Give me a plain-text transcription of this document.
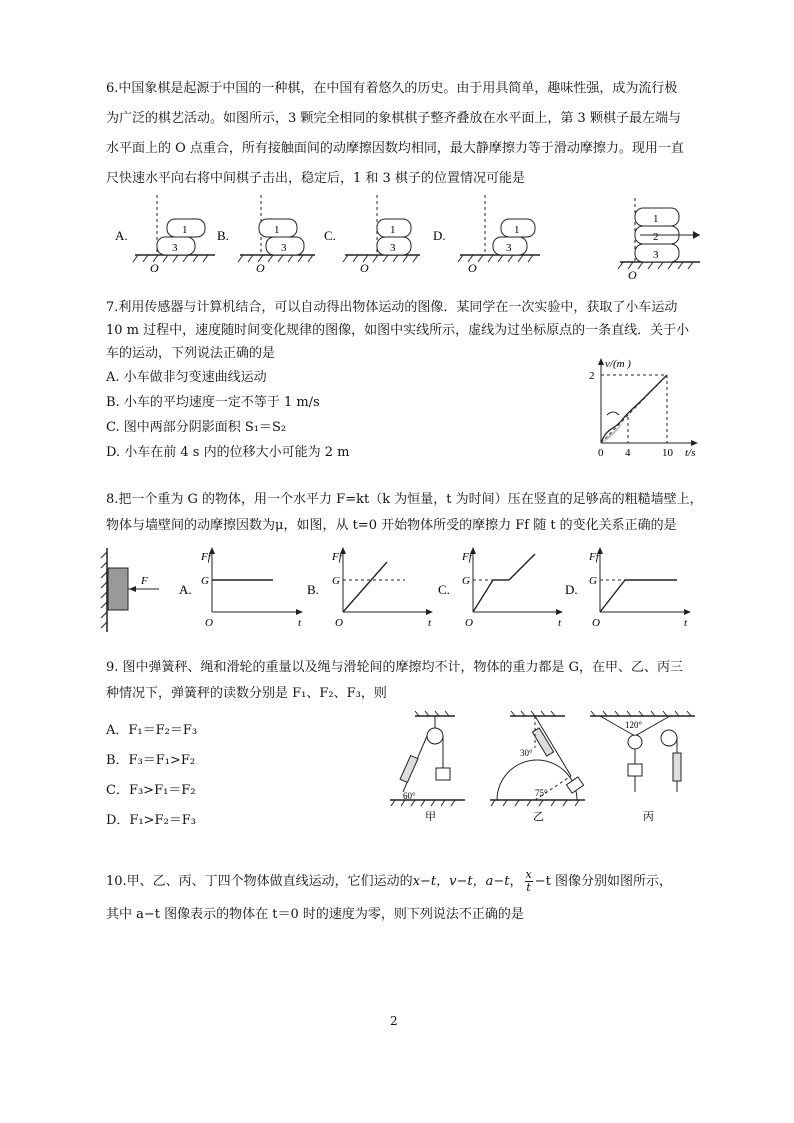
6.中国象棋是起源于中国的一种棋，在中国有着悠久的历史。由于用具简单，趣味性强，成为流行极
为广泛的棋艺活动。如图所示，3 颗完全相同的象棋棋子整齐叠放在水平面上，第 3 颗棋子最左端与
水平面上的 O 点重合，所有接触面间的动摩擦因数均相同，最大静摩擦力等于滑动摩擦力。现用一直
尺快速水平向右将中间棋子击出，稳定后，1 和 3 棋子的位置情况可能是
A.
3
1
O
B.
3
1
O
C.
3
1
O
D.
3
1
O
3
2
1
O
7.利用传感器与计算机结合，可以自动得出物体运动的图像．某同学在一次实验中，获取了小车运动
10 m 过程中，速度随时间变化规律的图像，如图中实线所示，虚线为过坐标原点的一条直线．关于小
车的运动，下列说法正确的是
A. 小车做非匀变速曲线运动
B. 小车的平均速度一定不等于 1 m/s
C. 图中两部分阴影面积 S₁＝S₂
D. 小车在前 4 s 内的位移大小可能为 2 m
v/(m )
2
0 4	10 t/s
8.把一个重为 G 的物体，用一个水平力 F=kt（k 为恒量，t 为时间）压在竖直的足够高的粗糙墙壁上，
物体与墙壁间的动摩擦因数为μ，如图，从 t=0 开始物体所受的摩擦力 Ff 随 t 的变化关系正确的是
F
A.
Ff
G
O	t
B.
Ff
G
O	t
C.
Ff
G
O	t
D.
Ff
G
O	t
9. 图中弹簧秤、绳和滑轮的重量以及绳与滑轮间的摩擦均不计，物体的重力都是 G，在甲、乙、丙三
种情况下，弹簧秤的读数分别是 F₁、F₂、F₃，则
A．F₁＝F₂＝F₃
B．F₃＝F₁>F₂
C．F₃>F₁＝F₂
D．F₁>F₂＝F₃
60°
甲
30°
75°
乙
120°
丙
10.甲、乙、丙、丁四个物体做直线运动，它们运动的x−t，v−t，a−t， $\frac{x}{t} -t$ 图像分别如图所示，
其中 a−t 图像表示的物体在 t＝0 时的速度为零，则下列说法不正确的是
2
